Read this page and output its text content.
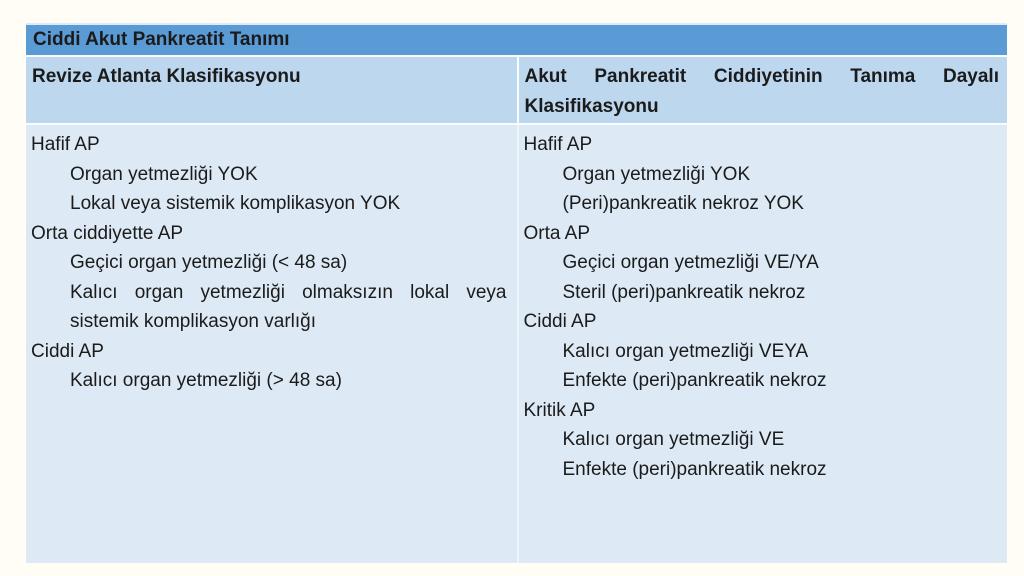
Ciddi Akut Pankreatit Tanımı
Revize Atlanta Klasifikasyonu	Akut Pankreatit Ciddiyetinin Tanıma Dayalı Klasifikasyonu
Hafif AP
Organ yetmezliği YOK
Lokal veya sistemik komplikasyon YOK
Orta ciddiyette AP
Geçici organ yetmezliği (< 48 sa)
Kalıcı organ yetmezliği olmaksızın lokal veya sistemik komplikasyon varlığı
Ciddi AP
Kalıcı organ yetmezliği (> 48 sa)
Hafif AP
Organ yetmezliği YOK
(Peri)pankreatik nekroz YOK
Orta AP
Geçici organ yetmezliği VE/YA
Steril (peri)pankreatik nekroz
Ciddi AP
Kalıcı organ yetmezliği VEYA
Enfekte (peri)pankreatik nekroz
Kritik AP
Kalıcı organ yetmezliği VE
Enfekte (peri)pankreatik nekroz
